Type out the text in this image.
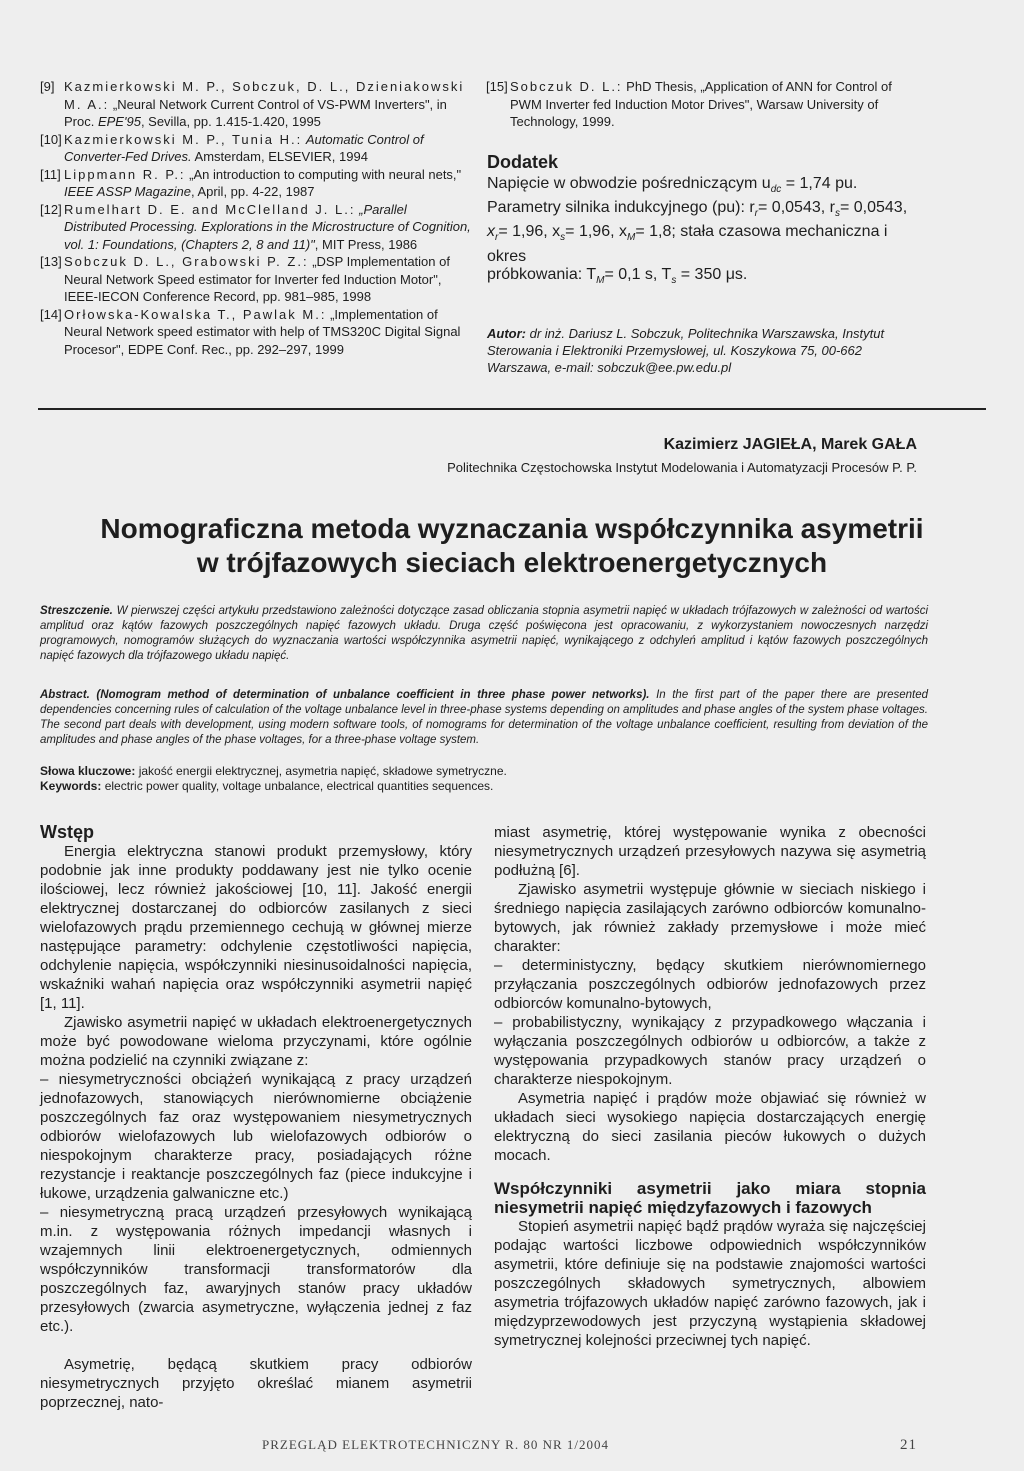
[9] Kazmierkowski M. P., Sobczuk, D. L., Dzieniakowski M. A.: „Neural Network Current Control of VS-PWM Inverters", in Proc. EPE'95, Sevilla, pp. 1.415-1.420, 1995
[10] Kazmierkowski M. P., Tunia H.: Automatic Control of Converter-Fed Drives. Amsterdam, ELSEVIER, 1994
[11] Lippmann R. P.: „An introduction to computing with neural nets," IEEE ASSP Magazine, April, pp. 4-22, 1987
[12] Rumelhart D. E. and McClelland J. L.: „Parallel Distributed Processing. Explorations in the Microstructure of Cognition, vol. 1: Foundations, (Chapters 2, 8 and 11)", MIT Press, 1986
[13] Sobczuk D. L., Grabowski P. Z.: „DSP Implementation of Neural Network Speed estimator for Inverter fed Induction Motor", IEEE-IECON Conference Record, pp. 981–985, 1998
[14] Orłowska-Kowalska T., Pawlak M.: „Implementation of Neural Network speed estimator with help of TMS320C Digital Signal Procesor", EDPE Conf. Rec., pp. 292–297, 1999
[15] Sobczuk D. L.: PhD Thesis, „Application of ANN for Control of PWM Inverter fed Induction Motor Drives", Warsaw University of Technology, 1999.
Dodatek
Napięcie w obwodzie pośredniczącym $u_{dc} = 1,74$ pu.
Parametry silnika indukcyjnego (pu): $r_r= 0,0543$, $r_s= 0,0543$,
$x_r= 1,96$, $x_s= 1,96$, $x_M= 1,8$; stała czasowa mechaniczna i okres
próbkowania: $T_M= 0,1$ s, $T_s = 350$ μs.
Autor: dr inż. Dariusz L. Sobczuk, Politechnika Warszawska, Instytut Sterowania i Elektroniki Przemysłowej, ul. Koszykowa 75, 00-662 Warszawa, e-mail: sobczuk@ee.pw.edu.pl
Kazimierz JAGIEŁA, Marek GAŁA
Politechnika Częstochowska Instytut Modelowania i Automatyzacji Procesów P. P.
Nomograficzna metoda wyznaczania współczynnika asymetrii
w trójfazowych sieciach elektroenergetycznych
Streszczenie. W pierwszej części artykułu przedstawiono zależności dotyczące zasad obliczania stopnia asymetrii napięć w układach trójfazowych w zależności od wartości amplitud oraz kątów fazowych poszczególnych napięć fazowych układu. Druga część poświęcona jest opracowaniu, z wykorzystaniem nowoczesnych narzędzi programowych, nomogramów służących do wyznaczania wartości współczynnika asymetrii napięć, wynikającego z odchyleń amplitud i kątów fazowych poszczególnych napięć fazowych dla trójfazowego układu napięć.
Abstract. (Nomogram method of determination of unbalance coefficient in three phase power networks). In the first part of the paper there are presented dependencies concerning rules of calculation of the voltage unbalance level in three-phase systems depending on amplitudes and phase angles of the system phase voltages. The second part deals with development, using modern software tools, of nomograms for determination of the voltage unbalance coefficient, resulting from deviation of the amplitudes and phase angles of the phase voltages, for a three-phase voltage system.
Słowa kluczowe: jakość energii elektrycznej, asymetria napięć, składowe symetryczne.
Keywords: electric power quality, voltage unbalance, electrical quantities sequences.
Wstęp

Energia elektryczna stanowi produkt przemysłowy, który podobnie jak inne produkty poddawany jest nie tylko ocenie ilościowej, lecz również jakościowej [10, 11]. Jakość energii elektrycznej dostarczanej do odbiorców zasilanych z sieci wielofazowych prądu przemiennego cechują w głównej mierze następujące parametry: odchylenie częstotliwości napięcia, odchylenie napięcia, współczynniki niesinusoidalności napięcia, wskaźniki wahań napięcia oraz współczynniki asymetrii napięć [1, 11].

Zjawisko asymetrii napięć w układach elektroenergetycznych może być powodowane wieloma przyczynami, które ogólnie można podzielić na czynniki związane z:

– niesymetryczności obciążeń wynikającą z pracy urządzeń jednofazowych, stanowiących nierównomierne obciążenie poszczególnych faz oraz występowaniem niesymetrycznych odbiorów wielofazowych lub wielofazowych odbiorów o niespokojnym charakterze pracy, posiadających różne rezystancje i reaktancje poszczególnych faz (piece indukcyjne i łukowe, urządzenia galwaniczne etc.)

– niesymetryczną pracą urządzeń przesyłowych wynikającą m.in. z występowania różnych impedancji własnych i wzajemnych linii elektroenergetycznych, odmiennych współczynników transformacji transformatorów dla poszczególnych faz, awaryjnych stanów pracy układów przesyłowych (zwarcia asymetryczne, wyłączenia jednej z faz etc.).

Asymetrię, będącą skutkiem pracy odbiorów niesymetrycznych przyjęto określać mianem asymetrii poprzecznej, nato-

miast asymetrię, której występowanie wynika z obecności niesymetrycznych urządzeń przesyłowych nazywa się asymetrią podłużną [6].

Zjawisko asymetrii występuje głównie w sieciach niskiego i średniego napięcia zasilających zarówno odbiorców komunalno-bytowych, jak również zakłady przemysłowe i może mieć charakter:

– deterministyczny, będący skutkiem nierównomiernego przyłączania poszczególnych odbiorów jednofazowych przez odbiorców komunalno-bytowych,

– probabilistyczny, wynikający z przypadkowego włączania i wyłączania poszczególnych odbiorów u odbiorców, a także z występowania przypadkowych stanów pracy urządzeń o charakterze niespokojnym.

Asymetria napięć i prądów może objawiać się również w układach sieci wysokiego napięcia dostarczających energię elektryczną do sieci zasilania pieców łukowych o dużych mocach.

Współczynniki asymetrii jako miara stopnia niesymetrii napięć międzyfazowych i fazowych

Stopień asymetrii napięć bądź prądów wyraża się najczęściej podając wartości liczbowe odpowiednich współczynników asymetrii, które definiuje się na podstawie znajomości wartości poszczególnych składowych symetrycznych, albowiem asymetria trójfazowych układów napięć zarówno fazowych, jak i międzyprzewodowych jest przyczyną wystąpienia składowej symetrycznej kolejności przeciwnej tych napięć.

PRZEGLĄD ELEKTROTECHNICZNY R. 80 NR 1/2004	21
